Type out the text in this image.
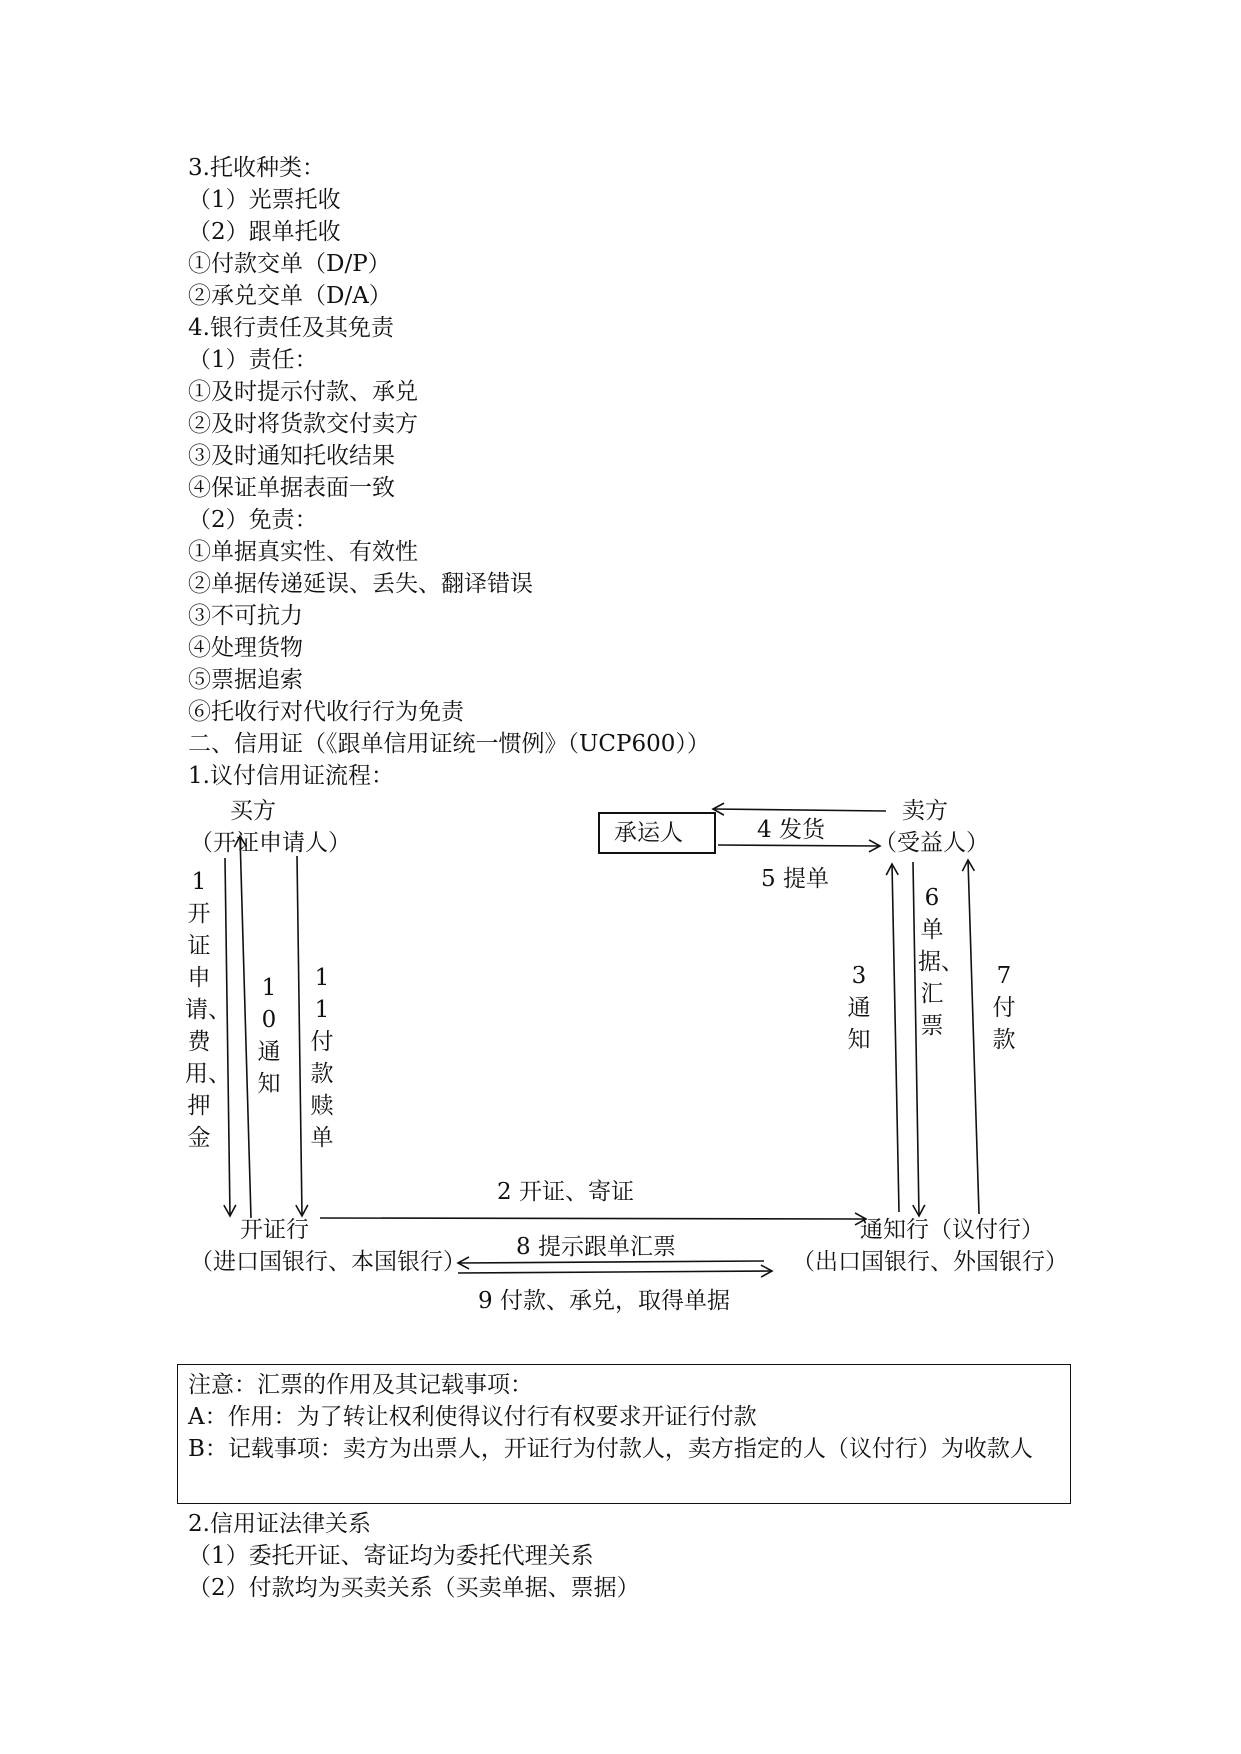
3.托收种类：
（1）光票托收
（2）跟单托收
①付款交单（D/P）
②承兑交单（D/A）
4.银行责任及其免责
（1）责任：
①及时提示付款、承兑
②及时将货款交付卖方
③及时通知托收结果
④保证单据表面一致
（2）免责：
①单据真实性、有效性
②单据传递延误、丢失、翻译错误
③不可抗力
④处理货物
⑤票据追索
⑥托收行对代收行行为免责
二、信用证（《跟单信用证统一惯例》（UCP600））
1.议付信用证流程：
买方
（开证申请人）	承运人
卖方
（受益人）
4 发货
5 提单
1
开
证
申
请、
费
用、
押
金
10
通
知
11
付
款
赎
单
3
通
知
6
单
据、
汇
票
7
付
款
2 开证、寄证
开证行
（进口国银行、本国银行）
通知行（议付行）
（出口国银行、外国银行）
8 提示跟单汇票
9 付款、承兑，取得单据
注意：汇票的作用及其记载事项：
A：作用：为了转让权利使得议付行有权要求开证行付款
B：记载事项：卖方为出票人，开证行为付款人，卖方指定的人（议付行）为收款人
2.信用证法律关系
（1）委托开证、寄证均为委托代理关系
（2）付款均为买卖关系（买卖单据、票据）
